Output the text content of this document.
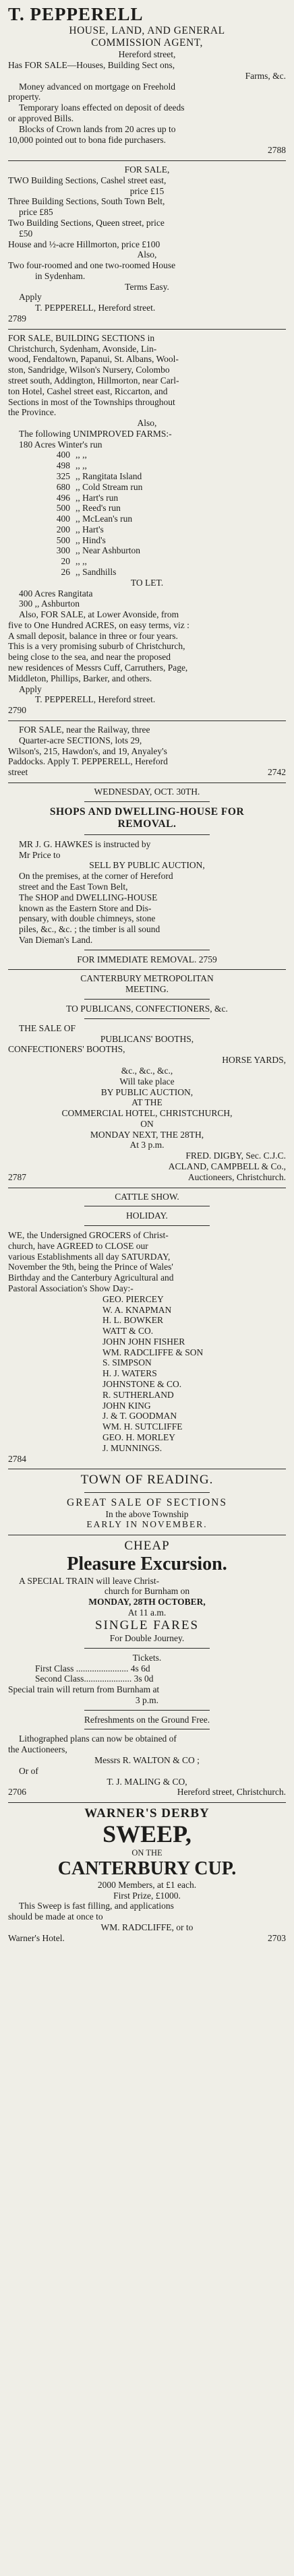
T. PEPPERELL
HOUSE, LAND, AND GENERAL
COMMISSION AGENT,
Hereford street,
Has FOR SALE—Houses, Building Sect ons,
Farms, &c.
Money advanced on mortgage on Freehold
property.
Temporary loans effected on deposit of deeds
or approved Bills.
Blocks of Crown lands from 20 acres up to
10,000 pointed out to bona fide purchasers.
2788
FOR SALE,
TWO Building Sections, Cashel street east,
price £15
Three Building Sections, South Town Belt,
price £85
Two Building Sections, Queen street, price
£50
House and ½-acre Hillmorton, price £100
Also,
Two four-roomed and one two-roomed House
in Sydenham.
Terms Easy.
Apply
T. PEPPERELL, Hereford street.
2789
FOR SALE, BUILDING SECTIONS in
Christchurch, Sydenham, Avonside, Lin-
wood, Fendaltown, Papanui, St. Albans, Wool-
ston, Sandridge, Wilson's Nursery, Colombo
street south, Addington, Hillmorton, near Carl-
ton Hotel, Cashel street east, Riccarton, and
Sections in most of the Townships throughout
the Province.
Also,
The following UNIMPROVED FARMS:-
180 Acres Winter's run
400 ,, ,,
498 ,, ,,
325 ,, Rangitata Island
680 ,, Cold Stream run
496 ,, Hart's run
500 ,, Reed's run
400 ,, McLean's run
200 ,, Hart's
500 ,, Hind's
300 ,, Near Ashburton
20 ,, ,,
26 ,, Sandhills
TO LET.
400 Acres Rangitata
300 ,, Ashburton
Also, FOR SALE, at Lower Avonside, from
five to One Hundred ACRES, on easy terms, viz :
A small deposit, balance in three or four years.
This is a very promising suburb of Christchurch,
being close to the sea, and near the proposed
new residences of Messrs Cuff, Carruthers, Page,
Middleton, Phillips, Barker, and others.
Apply
T. PEPPERELL, Hereford street.
2790
FOR SALE, near the Railway, three
Quarter-acre SECTIONS, lots 29,
Wilson's, 215, Hawdon's, and 19, Anyaley's
Paddocks. Apply T. PEPPERELL, Hereford
street	2742
WEDNESDAY, OCT. 30TH.
SHOPS AND DWELLING-HOUSE FOR
REMOVAL.
MR J. G. HAWKES is instructed by
Mr Price to
SELL BY PUBLIC AUCTION,
On the premises, at the corner of Hereford
street and the East Town Belt,
The SHOP and DWELLING-HOUSE
known as the Eastern Store and Dis-
pensary, with double chimneys, stone
piles, &c., &c. ; the timber is all sound
Van Dieman's Land.
FOR IMMEDIATE REMOVAL. 2759
CANTERBURY METROPOLITAN
MEETING.
TO PUBLICANS, CONFECTIONERS, &c.
THE SALE OF
PUBLICANS' BOOTHS,
CONFECTIONERS' BOOTHS,
HORSE YARDS,
&c., &c., &c.,
Will take place
BY PUBLIC AUCTION,
AT THE
COMMERCIAL HOTEL, CHRISTCHURCH,
ON
MONDAY NEXT, THE 28TH,
At 3 p.m.
FRED. DIGBY, Sec. C.J.C.
ACLAND, CAMPBELL & Co.,
2787	Auctioneers, Christchurch.
CATTLE SHOW.
HOLIDAY.
WE, the Undersigned GROCERS of Christ-
church, have AGREED to CLOSE our
various Establishments all day SATURDAY,
November the 9th, being the Prince of Wales'
Birthday and the Canterbury Agricultural and
Pastoral Association's Show Day:-
GEO. PIERCEY
W. A. KNAPMAN
H. L. BOWKER
WATT & CO.
JOHN JOHN FISHER
WM. RADCLIFFE & SON
S. SIMPSON
H. J. WATERS
JOHNSTONE & CO.
R. SUTHERLAND
JOHN KING
J. & T. GOODMAN
WM. H. SUTCLIFFE
GEO. H. MORLEY
J. MUNNINGS.
2784
TOWN OF READING.
GREAT SALE OF SECTIONS
In the above Township
EARLY IN NOVEMBER.
CHEAP
Pleasure Excursion.
A SPECIAL TRAIN will leave Christ-
church for Burnham on
MONDAY, 28TH OCTOBER,
At 11 a.m.
SINGLE FARES
For Double Journey.
Tickets.
First Class ....................... 4s 6d
Second Class..................... 3s 0d
Special train will return from Burnham at
3 p.m.
Refreshments on the Ground Free.
Lithographed plans can now be obtained of
the Auctioneers,
Messrs R. WALTON & CO ;
Or of
T. J. MALING & CO,
2706	Hereford street, Christchurch.
WARNER'S DERBY
SWEEP,
ON THE
CANTERBURY CUP.
2000 Members, at £1 each.
First Prize, £1000.
This Sweep is fast filling, and applications
should be made at once to
WM. RADCLIFFE, or to
Warner's Hotel.	2703
